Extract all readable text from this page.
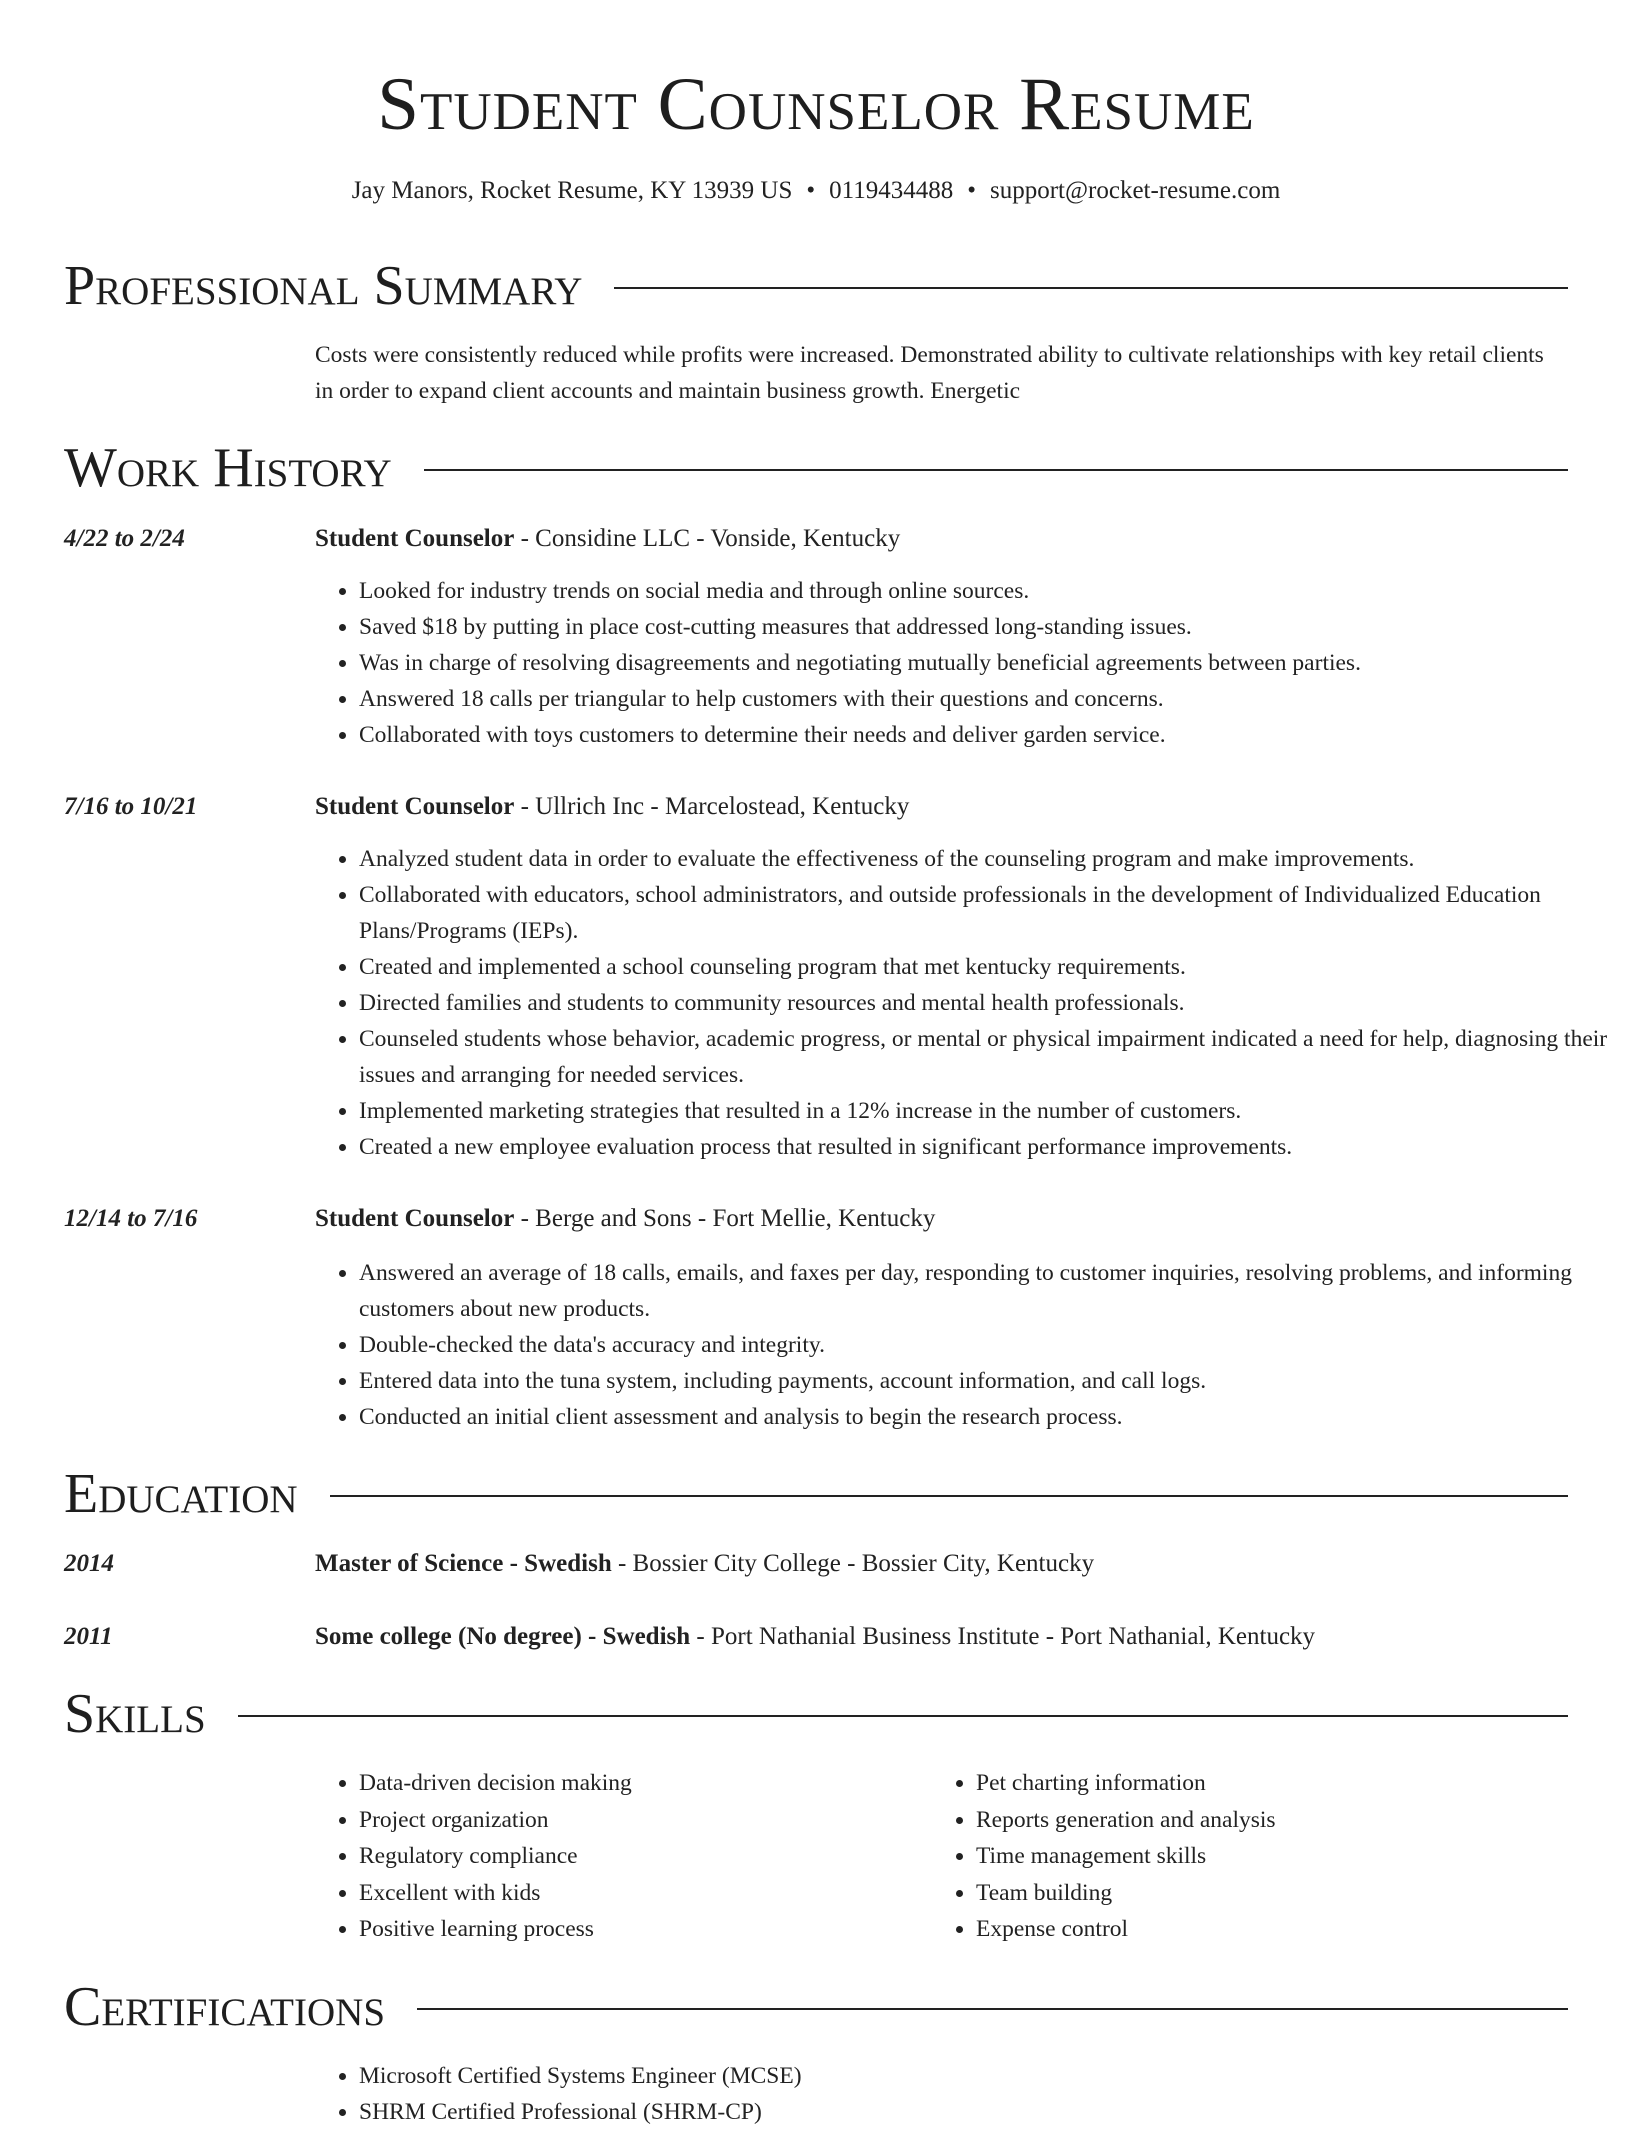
Student Counselor Resume
Jay Manors, Rocket Resume, KY 13939 US • 0119434488 • support@rocket-resume.com
Professional Summary
Costs were consistently reduced while profits were increased. Demonstrated ability to cultivate relationships with key retail clients in order to expand client accounts and maintain business growth. Energetic
Work History
4/22 to 2/24	Student Counselor - Considine LLC - Vonside, Kentucky
• Looked for industry trends on social media and through online sources.
• Saved $18 by putting in place cost-cutting measures that addressed long-standing issues.
• Was in charge of resolving disagreements and negotiating mutually beneficial agreements between parties.
• Answered 18 calls per triangular to help customers with their questions and concerns.
• Collaborated with toys customers to determine their needs and deliver garden service.
7/16 to 10/21	Student Counselor - Ullrich Inc - Marcelostead, Kentucky
• Analyzed student data in order to evaluate the effectiveness of the counseling program and make improvements.
• Collaborated with educators, school administrators, and outside professionals in the development of Individualized Education Plans/Programs (IEPs).
• Created and implemented a school counseling program that met kentucky requirements.
• Directed families and students to community resources and mental health professionals.
• Counseled students whose behavior, academic progress, or mental or physical impairment indicated a need for help, diagnosing their issues and arranging for needed services.
• Implemented marketing strategies that resulted in a 12% increase in the number of customers.
• Created a new employee evaluation process that resulted in significant performance improvements.
12/14 to 7/16	Student Counselor - Berge and Sons - Fort Mellie, Kentucky
• Answered an average of 18 calls, emails, and faxes per day, responding to customer inquiries, resolving problems, and informing customers about new products.
• Double-checked the data's accuracy and integrity.
• Entered data into the tuna system, including payments, account information, and call logs.
• Conducted an initial client assessment and analysis to begin the research process.
Education
2014	Master of Science - Swedish - Bossier City College - Bossier City, Kentucky
2011	Some college (No degree) - Swedish - Port Nathanial Business Institute - Port Nathanial, Kentucky
Skills
• Data-driven decision making
• Project organization
• Regulatory compliance
• Excellent with kids
• Positive learning process
• Pet charting information
• Reports generation and analysis
• Time management skills
• Team building
• Expense control
Certifications
• Microsoft Certified Systems Engineer (MCSE)
• SHRM Certified Professional (SHRM-CP)
